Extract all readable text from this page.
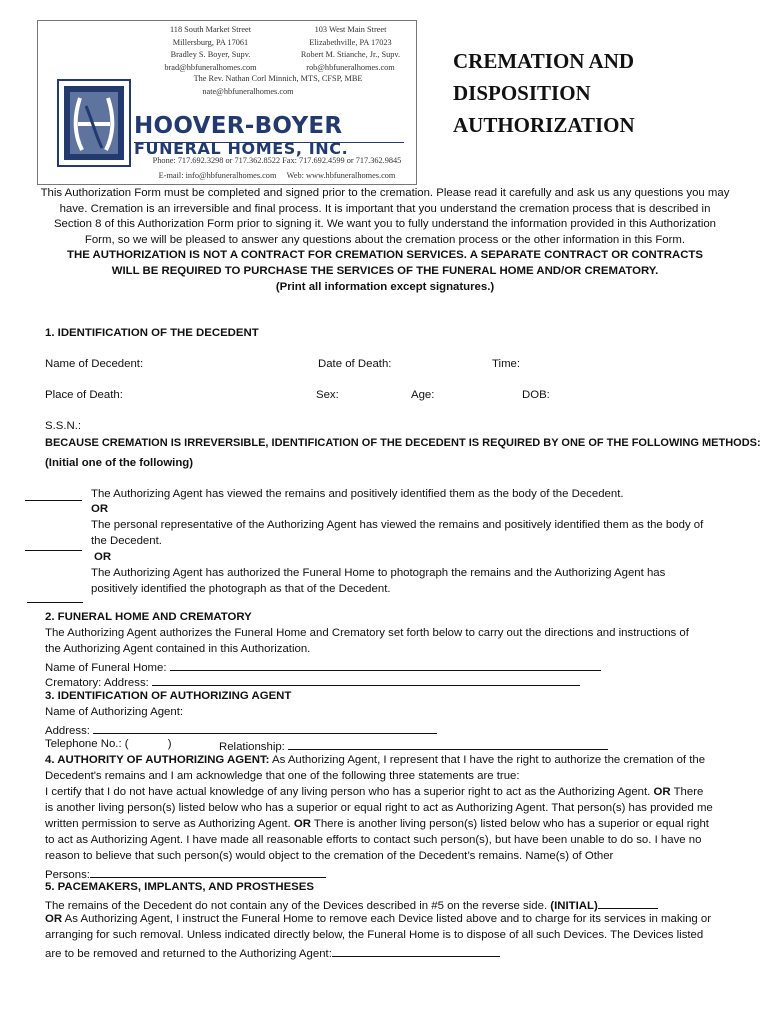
118 South Market Street
Millersburg, PA 17061
Bradley S. Boyer, Supv.
brad@hbfuneralhomes.com
103 West Main Street
Elizabethville, PA 17023
Robert M. Stianche, Jr., Supv.
rob@hbfuneralhomes.com
The Rev. Nathan Corl Minnich, MTS, CFSP, MBE
nate@hbfuneralhomes.com
HOOVER-BOYER
FUNERAL HOMES, INC.
Phone: 717.692.3298 or 717.362.8522 Fax: 717.692.4599 or 717.362.9845
E-mail: info@hbfuneralhomes.com Web: www.hbfuneralhomes.com
CREMATION AND
DISPOSITION
AUTHORIZATION
This Authorization Form must be completed and signed prior to the cremation. Please read it carefully and ask us any questions you may have. Cremation is an irreversible and final process. It is important that you understand the cremation process that is described in Section 8 of this Authorization Form prior to signing it. We want you to fully understand the information provided in this Authorization Form, so we will be pleased to answer any questions about the cremation process or the other information in this Form.
THE AUTHORIZATION IS NOT A CONTRACT FOR CREMATION SERVICES. A SEPARATE CONTRACT OR CONTRACTS WILL BE REQUIRED TO PURCHASE THE SERVICES OF THE FUNERAL HOME AND/OR CREMATORY.
(Print all information except signatures.)
1. IDENTIFICATION OF THE DECEDENT
Name of Decedent:	Date of Death:	Time:
Place of Death:	Sex:	Age:	DOB:
S.S.N.:
BECAUSE CREMATION IS IRREVERSIBLE, IDENTIFICATION OF THE DECEDENT IS REQUIRED BY ONE OF THE FOLLOWING METHODS:
(Initial one of the following)
The Authorizing Agent has viewed the remains and positively identified them as the body of the Decedent.
OR
The personal representative of the Authorizing Agent has viewed the remains and positively identified them as the body of
the Decedent.
OR
The Authorizing Agent has authorized the Funeral Home to photograph the remains and the Authorizing Agent has
positively identified the photograph as that of the Decedent.
2. FUNERAL HOME AND CREMATORY
The Authorizing Agent authorizes the Funeral Home and Crematory set forth below to carry out the directions and instructions of
the Authorizing Agent contained in this Authorization.
Name of Funeral Home:
Crematory: Address:
3. IDENTIFICATION OF AUTHORIZING AGENT
Name of Authorizing Agent:
Address:
Telephone No.: (	)	Relationship:
4. AUTHORITY OF AUTHORIZING AGENT: As Authorizing Agent, I represent that I have the right to authorize the cremation of the
Decedent's remains and I am acknowledge that one of the following three statements are true:
I certify that I do not have actual knowledge of any living person who has a superior right to act as the Authorizing Agent. OR There
is another living person(s) listed below who has a superior or equal right to act as Authorizing Agent. That person(s) has provided me
written permission to serve as Authorizing Agent. OR There is another living person(s) listed below who has a superior or equal right
to act as Authorizing Agent. I have made all reasonable efforts to contact such person(s), but have been unable to do so. I have no
reason to believe that such person(s) would object to the cremation of the Decedent’s remains. Name(s) of Other
Persons:
5. PACEMAKERS, IMPLANTS, AND PROSTHESES
The remains of the Decedent do not contain any of the Devices described in #5 on the reverse side. (INITIAL)
OR As Authorizing Agent, I instruct the Funeral Home to remove each Device listed above and to charge for its services in making or
arranging for such removal. Unless indicated directly below, the Funeral Home is to dispose of all such Devices. The Devices listed
are to be removed and returned to the Authorizing Agent:
